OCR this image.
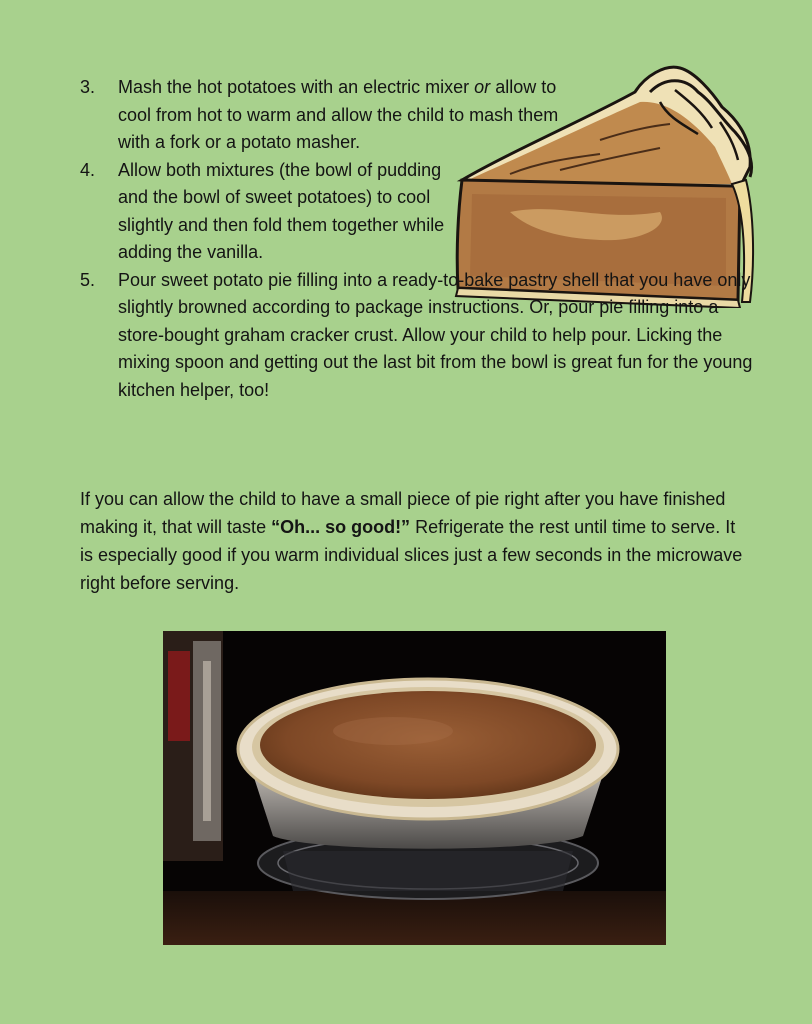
3. Mash the hot potatoes with an electric mixer or allow to cool from hot to warm and allow the child to mash them with a fork or a potato masher.
4. Allow both mixtures (the bowl of pudding and the bowl of sweet potatoes) to cool slightly and then fold them together while adding the vanilla.
5. Pour sweet potato pie filling into a ready-to-bake pastry shell that you have only slightly browned according to package instructions. Or, pour pie filling into a store-bought graham cracker crust. Allow your child to help pour. Licking the mixing spoon and getting out the last bit from the bowl is great fun for the young kitchen helper, too!

If you can allow the child to have a small piece of pie right after you have finished making it, that will taste “Oh... so good!” Refrigerate the rest until time to serve. It is especially good if you warm individual slices just a few seconds in the microwave right before serving.
